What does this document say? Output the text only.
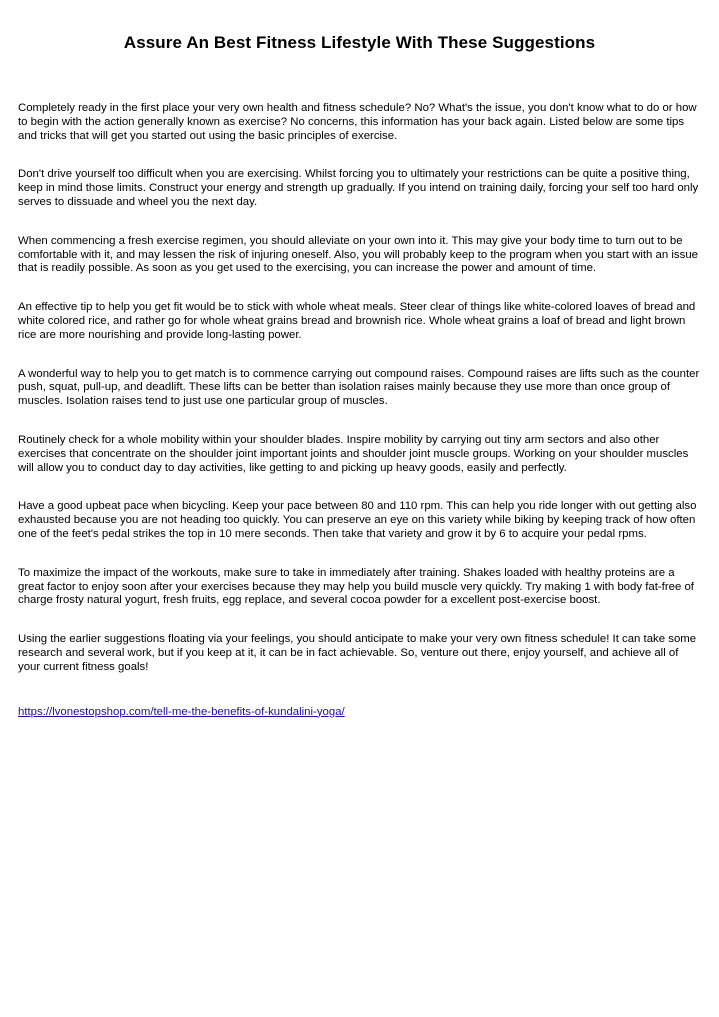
Assure An Best Fitness Lifestyle With These Suggestions

Completely ready in the first place your very own health and fitness schedule? No? What's the issue, you don't know what to do or how to begin with the action generally known as exercise? No concerns, this information has your back again. Listed below are some tips and tricks that will get you started out using the basic principles of exercise.

Don't drive yourself too difficult when you are exercising. Whilst forcing you to ultimately your restrictions can be quite a positive thing, keep in mind those limits. Construct your energy and strength up gradually. If you intend on training daily, forcing your self too hard only serves to dissuade and wheel you the next day.

When commencing a fresh exercise regimen, you should alleviate on your own into it. This may give your body time to turn out to be comfortable with it, and may lessen the risk of injuring oneself. Also, you will probably keep to the program when you start with an issue that is readily possible. As soon as you get used to the exercising, you can increase the power and amount of time.

An effective tip to help you get fit would be to stick with whole wheat meals. Steer clear of things like white-colored loaves of bread and white colored rice, and rather go for whole wheat grains bread and brownish rice. Whole wheat grains a loaf of bread and light brown rice are more nourishing and provide long-lasting power.

A wonderful way to help you to get match is to commence carrying out compound raises. Compound raises are lifts such as the counter push, squat, pull-up, and deadlift. These lifts can be better than isolation raises mainly because they use more than once group of muscles. Isolation raises tend to just use one particular group of muscles.

Routinely check for a whole mobility within your shoulder blades. Inspire mobility by carrying out tiny arm sectors and also other exercises that concentrate on the shoulder joint important joints and shoulder joint muscle groups. Working on your shoulder muscles will allow you to conduct day to day activities, like getting to and picking up heavy goods, easily and perfectly.

Have a good upbeat pace when bicycling. Keep your pace between 80 and 110 rpm. This can help you ride longer with out getting also exhausted because you are not heading too quickly. You can preserve an eye on this variety while biking by keeping track of how often one of the feet's pedal strikes the top in 10 mere seconds. Then take that variety and grow it by 6 to acquire your pedal rpms.

To maximize the impact of the workouts, make sure to take in immediately after training. Shakes loaded with healthy proteins are a great factor to enjoy soon after your exercises because they may help you build muscle very quickly. Try making 1 with body fat-free of charge frosty natural yogurt, fresh fruits, egg replace, and several cocoa powder for a excellent post-exercise boost.

Using the earlier suggestions floating via your feelings, you should anticipate to make your very own fitness schedule! It can take some research and several work, but if you keep at it, it can be in fact achievable. So, venture out there, enjoy yourself, and achieve all of your current fitness goals!

https://lvonestopshop.com/tell-me-the-benefits-of-kundalini-yoga/
